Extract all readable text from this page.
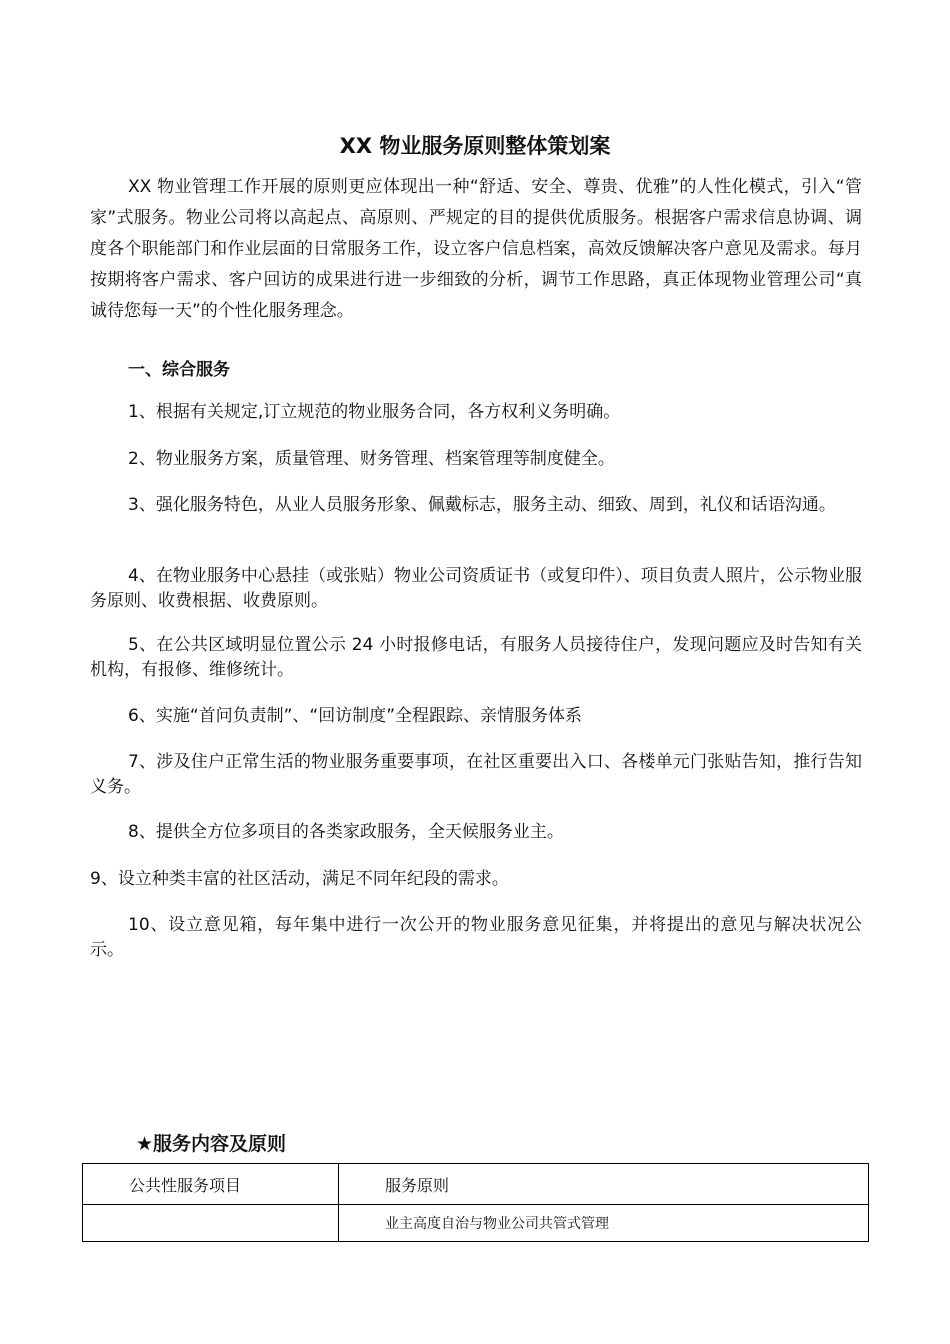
XX 物业服务原则整体策划案
XX 物业管理工作开展的原则更应体现出一种“舒适、安全、尊贵、优雅”的人性化模式，引入“管家”式服务。物业公司将以高起点、高原则、严规定的目的提供优质服务。根据客户需求信息协调、调度各个职能部门和作业层面的日常服务工作，设立客户信息档案，高效反馈解决客户意见及需求。每月按期将客户需求、客户回访的成果进行进一步细致的分析，调节工作思路，真正体现物业管理公司“真诚待您每一天”的个性化服务理念。
一、综合服务
1、根据有关规定,订立规范的物业服务合同，各方权利义务明确。
2、物业服务方案，质量管理、财务管理、档案管理等制度健全。
3、强化服务特色，从业人员服务形象、佩戴标志，服务主动、细致、周到，礼仪和话语沟通。
4、在物业服务中心悬挂（或张贴）物业公司资质证书（或复印件）、项目负责人照片，公示物业服务原则、收费根据、收费原则。
5、在公共区域明显位置公示 24 小时报修电话，有服务人员接待住户，发现问题应及时告知有关机构，有报修、维修统计。
6、实施“首问负责制”、“回访制度”全程跟踪、亲情服务体系
7、涉及住户正常生活的物业服务重要事项，在社区重要出入口、各楼单元门张贴告知，推行告知义务。
8、提供全方位多项目的各类家政服务，全天候服务业主。
9、设立种类丰富的社区活动，满足不同年纪段的需求。
10、设立意见箱，每年集中进行一次公开的物业服务意见征集，并将提出的意见与解决状况公示。
★服务内容及原则
公共性服务项目	服务原则
	业主高度自治与物业公司共管式管理
